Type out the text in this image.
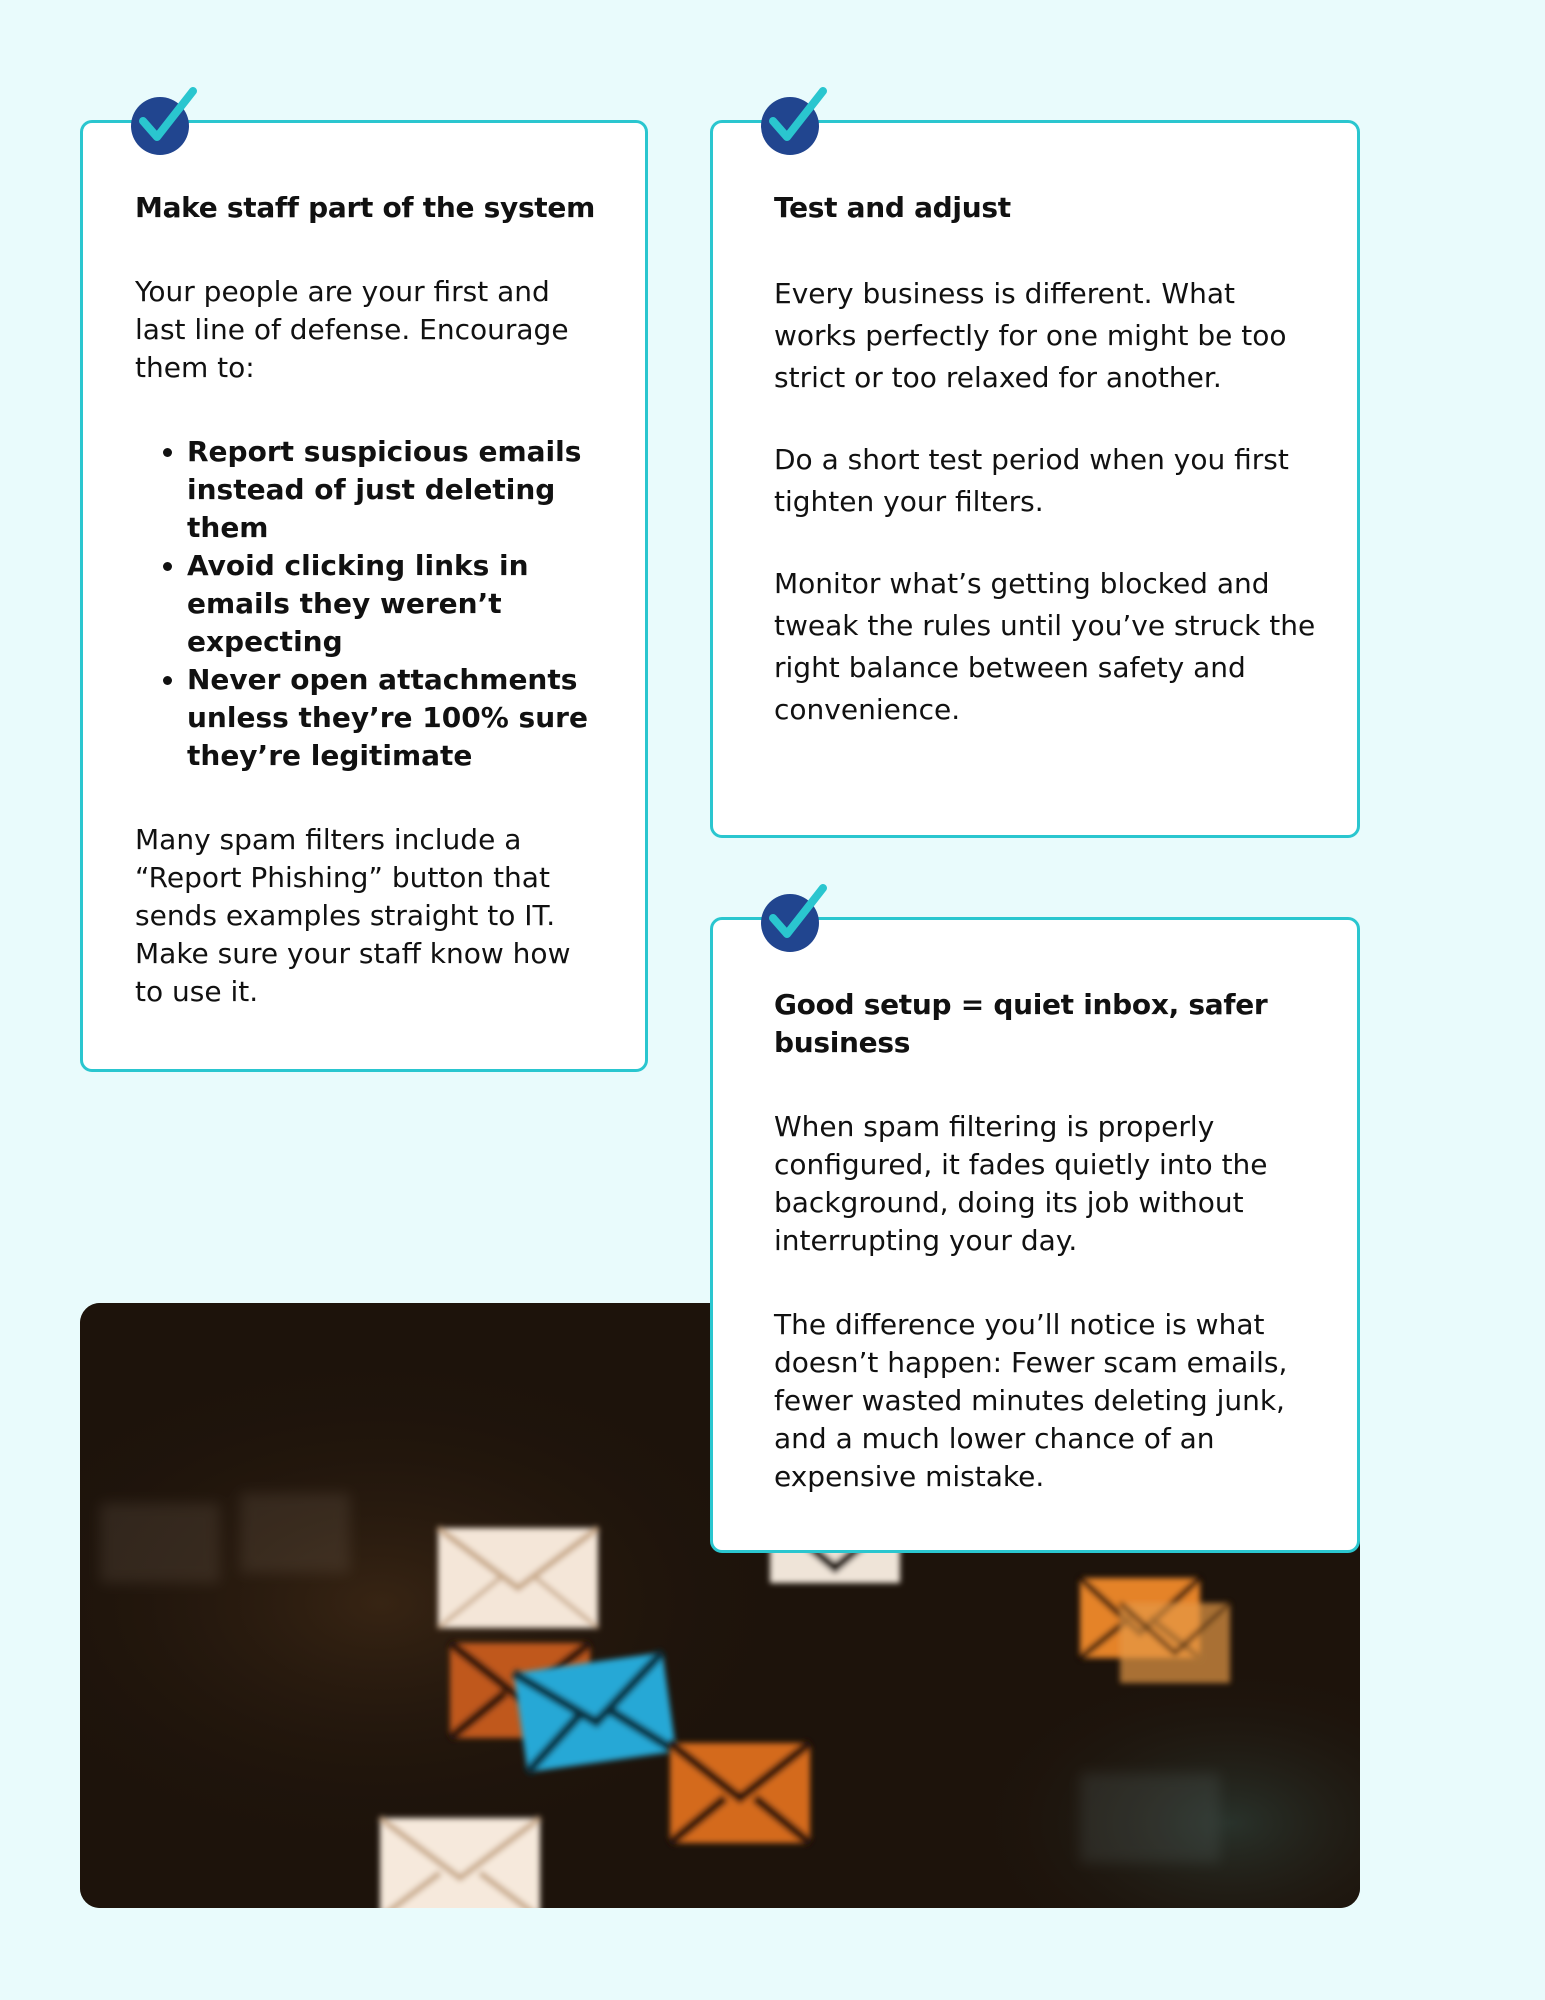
Make staff part of the system

Your people are your first and last line of defense. Encourage them to:

• Report suspicious emails instead of just deleting them
• Avoid clicking links in emails they weren’t expecting
• Never open attachments unless they’re 100% sure they’re legitimate

Many spam filters include a “Report Phishing” button that sends examples straight to IT. Make sure your staff know how to use it.

Test and adjust

Every business is different. What works perfectly for one might be too strict or too relaxed for another.

Do a short test period when you first tighten your filters.

Monitor what’s getting blocked and tweak the rules until you’ve struck the right balance between safety and convenience.

Good setup = quiet inbox, safer business

When spam filtering is properly configured, it fades quietly into the background, doing its job without interrupting your day.

The difference you’ll notice is what doesn’t happen: Fewer scam emails, fewer wasted minutes deleting junk, and a much lower chance of an expensive mistake.
